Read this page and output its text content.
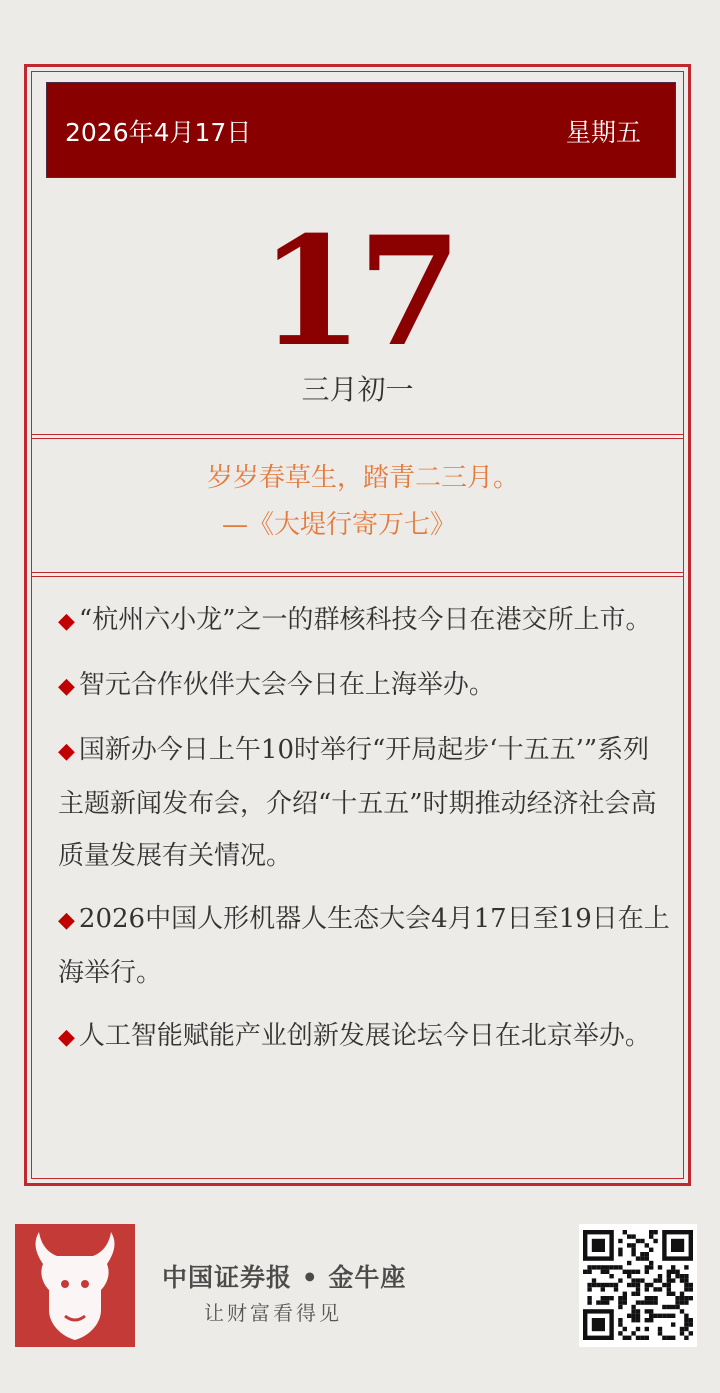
2026年4月17日	星期五
17
三月初一
岁岁春草生，踏青二三月。
—《大堤行寄万七》
◆ “杭州六小龙”之一的群核科技今日在港交所上市。
◆ 智元合作伙伴大会今日在上海举办。
◆ 国新办今日上午10时举行“开局起步‘十五五’”系列主题新闻发布会，介绍“十五五”时期推动经济社会高质量发展有关情况。
◆ 2026中国人形机器人生态大会4月17日至19日在上海举行。
◆ 人工智能赋能产业创新发展论坛今日在北京举办。
中国证券报 • 金牛座
让财富看得见
